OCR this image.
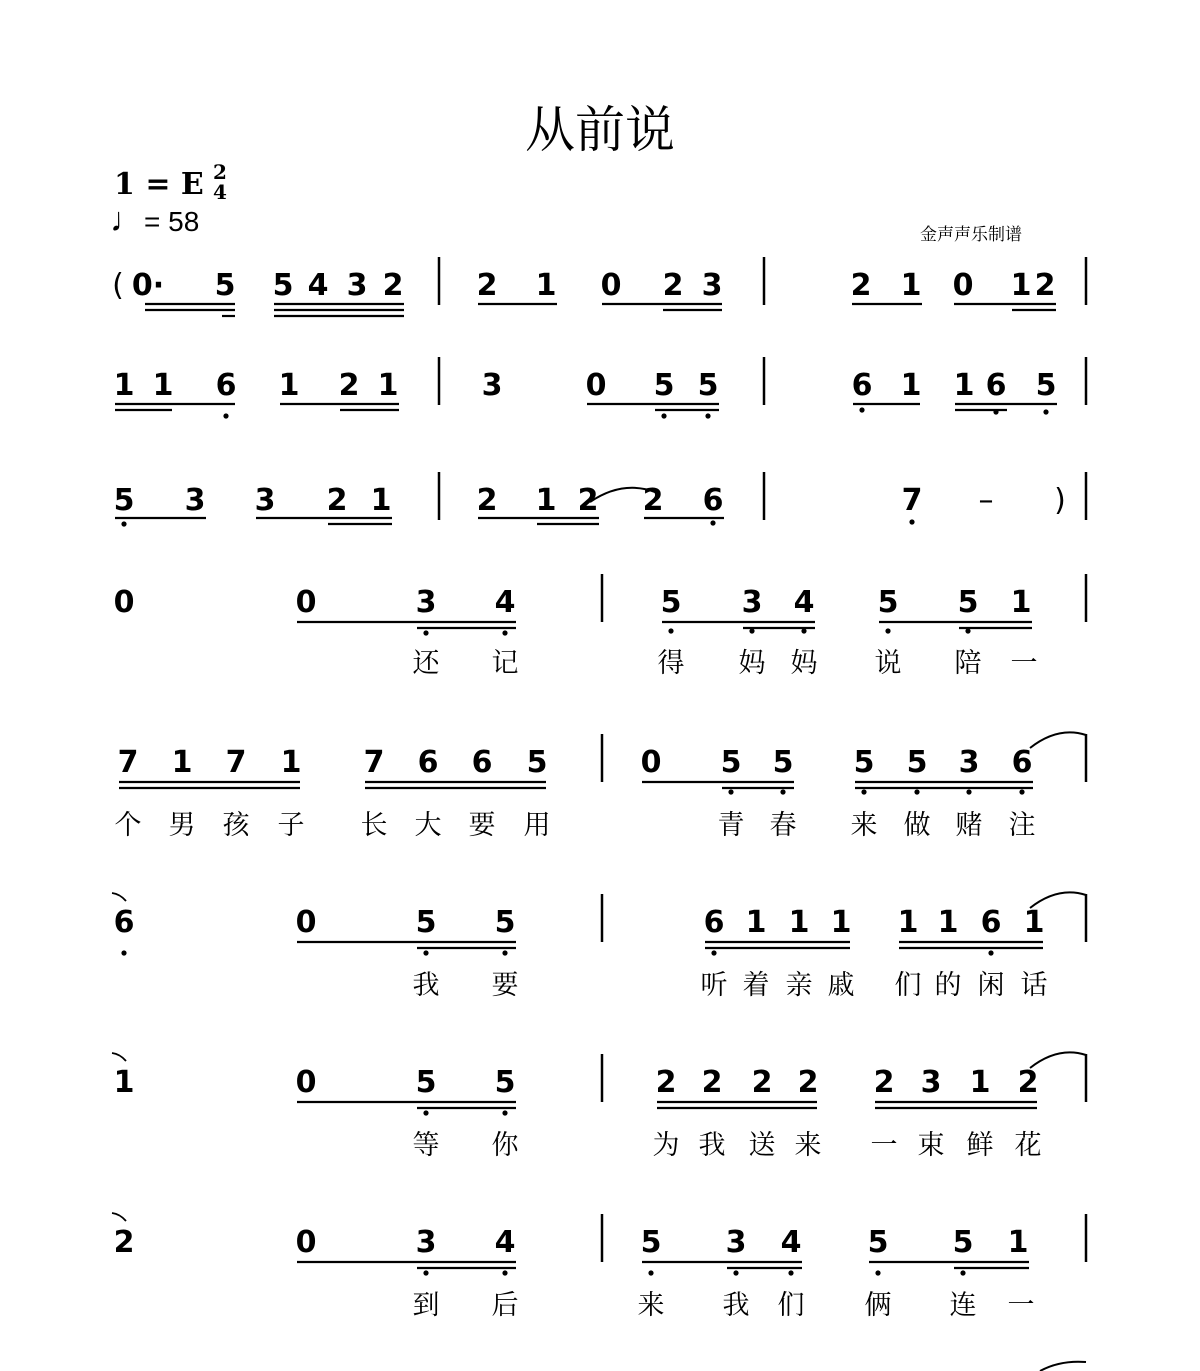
从前说
1 = E 2
4
♩= 58	金声声乐制谱
( 0· 5 5 4 3 2 2 1 0 2 3	2 1 0 1 2
1 1 6 1 2 1	3	0 5 5	6 1 1 6 5
5 3 3 2 1	2 1 2 2 6	7 – )
0	0	3 4	5 3 4 5 5 1
还 记	得 妈 妈 说 陪 一
7 1 7 1 7 6 6 5	0 5 5 5 5 3 6
个 男 孩 子 长 大 要 用	青 春 来 做 赌 注
6	0	5 5	6 1 1 1 1 1 6 1
我 要	听 着 亲 戚 们 的 闲 话
1	0	5 5	2 2 2 2 2 3 1 2
等 你	为 我 送 来 一 束 鲜 花
2	0	3 4	5 3 4 5 5 1
到 后	来 我 们 俩 连 一
